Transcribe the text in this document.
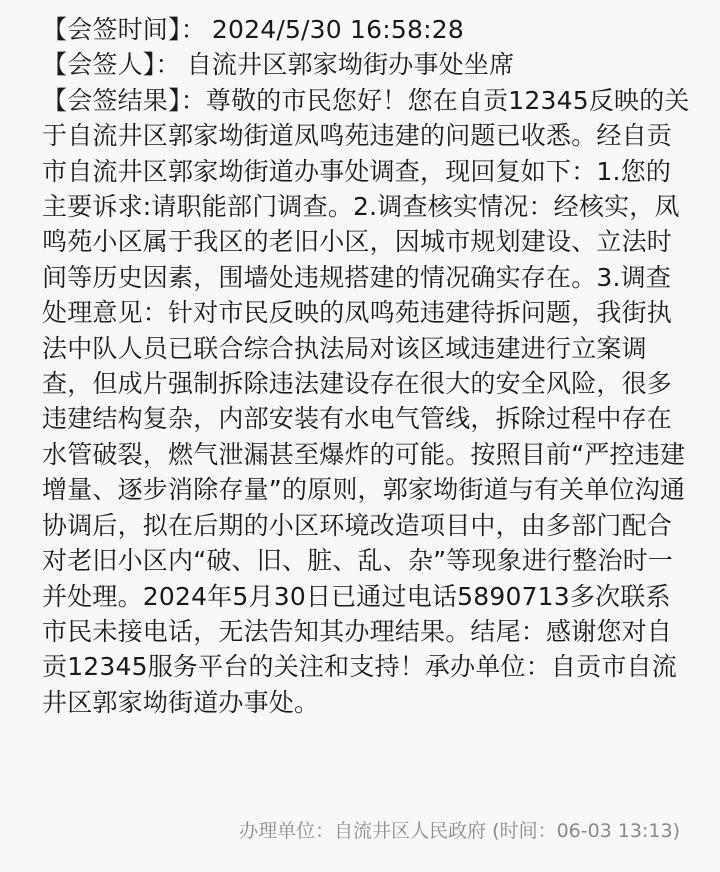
【会签时间】： 2024/5/30 16:58:28
【会签人】： 自流井区郭家坳街办事处坐席
【会签结果】：尊敬的市民您好！您在自贡12345反映的关于自流井区郭家坳街道凤鸣苑违建的问题已收悉。经自贡市自流井区郭家坳街道办事处调查，现回复如下：1.您的主要诉求:请职能部门调查。2.调查核实情况：经核实，凤鸣苑小区属于我区的老旧小区，因城市规划建设、立法时间等历史因素，围墙处违规搭建的情况确实存在。3.调查处理意见：针对市民反映的凤鸣苑违建待拆问题，我街执法中队人员已联合综合执法局对该区域违建进行立案调查，但成片强制拆除违法建设存在很大的安全风险，很多违建结构复杂，内部安装有水电气管线，拆除过程中存在水管破裂，燃气泄漏甚至爆炸的可能。按照目前“严控违建增量、逐步消除存量”的原则，郭家坳街道与有关单位沟通协调后，拟在后期的小区环境改造项目中，由多部门配合对老旧小区内“破、旧、脏、乱、杂”等现象进行整治时一并处理。2024年5月30日已通过电话5890713多次联系市民未接电话，无法告知其办理结果。结尾：感谢您对自贡12345服务平台的关注和支持！承办单位：自贡市自流井区郭家坳街道办事处。
办理单位：自流井区人民政府 (时间：06-03 13:13)
